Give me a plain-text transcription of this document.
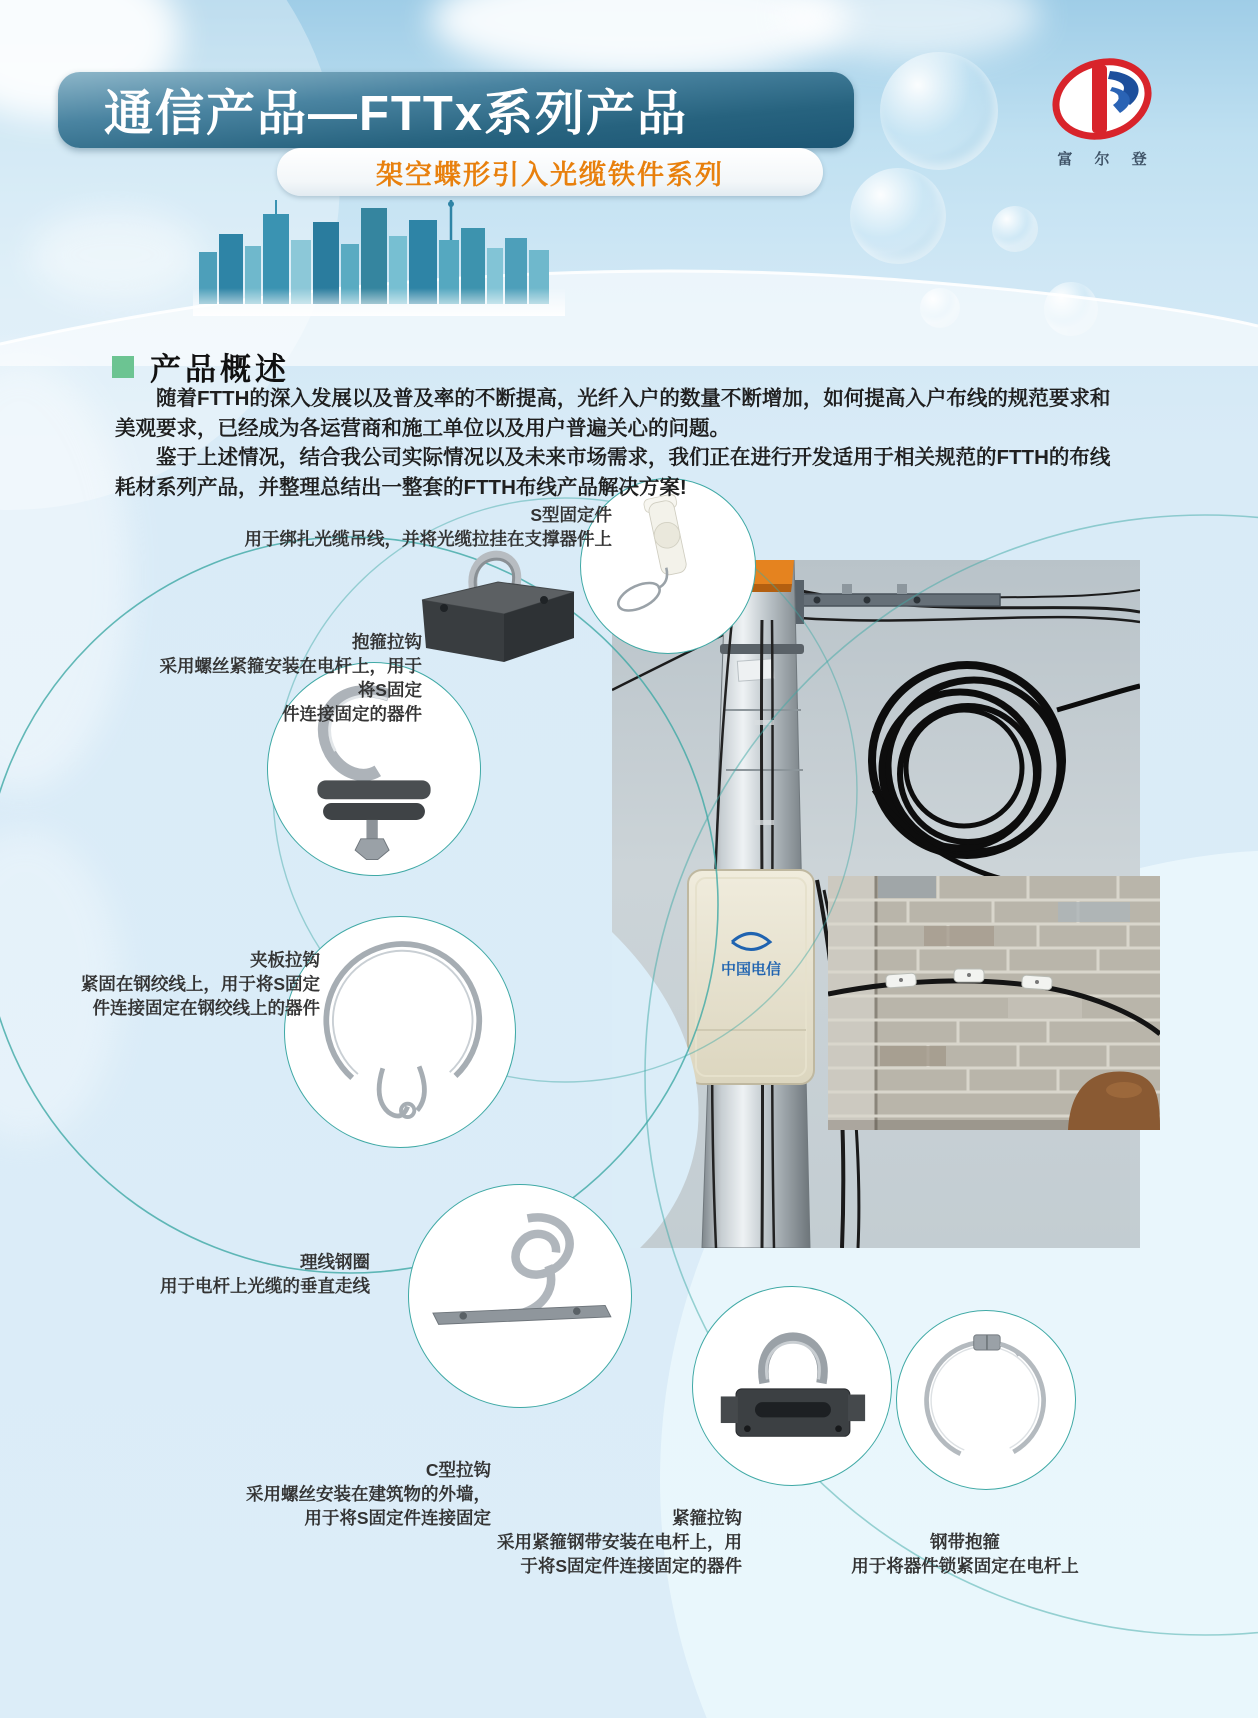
通信产品—FTTx系列产品
架空蝶形引入光缆铁件系列	富 尔 登
产品概述

随着FTTH的深入发展以及普及率的不断提高，光纤入户的数量不断增加，如何提高入户布线的规范要求和美观要求，已经成为各运营商和施工单位以及用户普遍关心的问题。

鉴于上述情况，结合我公司实际情况以及未来市场需求，我们正在进行开发适用于相关规范的FTTH的布线耗材系列产品，并整理总结出一整套的FTTH布线产品解决方案!

中国电信
S型固定件
用于绑扎光缆吊线，并将光缆拉挂在支撑器件上
抱箍拉钩
采用螺丝紧箍安装在电杆上，用于将S固定
件连接固定的器件
夹板拉钩
紧固在钢绞线上，用于将S固定
件连接固定在钢绞线上的器件
理线钢圈
用于电杆上光缆的垂直走线
C型拉钩
采用螺丝安装在建筑物的外墙，
用于将S固定件连接固定	紧箍拉钩
采用紧箍钢带安装在电杆上，用
于将S固定件连接固定的器件
钢带抱箍
用于将器件锁紧固定在电杆上
